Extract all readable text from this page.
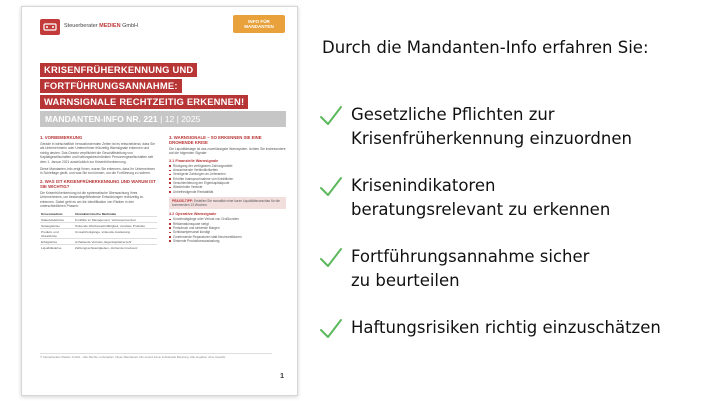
Steuerberater MEDIEN GmbH
INFO FÜR
MANDANTEN
KRISENFRÜHERKENNUNG UND
FORTFÜHRUNGSANNAHME:
WARNSIGNALE RECHTZEITIG ERKENNEN!
MANDANTEN-INFO NR. 221 | 12 | 2025
1. VORBEMERKUNG

Gerade in wirtschaftlich herausfordernden Zeiten ist es entscheidend, dass Sie als Unternehmerin oder Unternehmer frühzeitig Warnsignale erkennen und richtig deuten. Das Gesetz verpflichtet die Geschäftsleitung von Kapitalgesellschaften und haftungsbeschränkten Personengesellschaften seit dem 1. Januar 2021 ausdrücklich zur Krisenfrüherkennung.

Diese Mandanten-Info zeigt Ihnen, woran Sie erkennen, dass Ihr Unternehmen in Schieflage gerät, und was Sie tun können, um die Fortführung zu sichern.

2. WAS IST KRISENFRÜHERKENNUNG UND WARUM IST SIE WICHTIG?

Die Krisenfrüherkennung ist die systematische Überwachung Ihres Unternehmens, um bestandsgefährdende Entwicklungen rechtzeitig zu erkennen. Dabei geht es um die Identifikation von Risiken in den unterschiedlichen Phasen:

Krisenstadium	Charakteristische Merkmale
Stakeholderkrise	Konflikte im Management, Vertrauensverlust
Strategiekrise	Sinkende Wettbewerbsfähigkeit, veraltete Produkte
Produkt- und Absatzkrise	Umsatzrückgänge, sinkende Auslastung
Erfolgskrise	Anhaltende Verluste, Eigenkapitalverzehr
Liquiditätskrise	Zahlungsschwierigkeiten, drohende Insolvenz
3. WARNSIGNALE – SO ERKENNEN SIE EINE DROHENDE KRISE

Die Liquiditätslage ist das zuverlässigste Warnsystem. Achten Sie insbesondere auf die folgenden Signale:

3.1 Finanzielle Warnsignale
Rückgang der verfügbaren Zahlungsmittel
Anwachsende Verbindlichkeiten
Verzögerte Zahlungen an Lieferanten
Erhöhte Inanspruchnahme von Kreditlinien
Verschlechterung der Eigenkapitalquote
Wiederholte Verluste
Unbefriedigende Rentabilität
PRAXIS-TIPP: Erstellen Sie monatlich eine kurze Liquiditätsvorschau für die kommenden 13 Wochen.
3.2 Operative Warnsignale
Kundenabgänge oder Verlust von Großkunden
Reklamationsquote steigt
Preisdruck und sinkende Margen
Schlüsselpersonal kündigt
Zunehmende Reparaturen statt Neuinvestitionen
Sinkende Produktionsauslastung
© Steuerberater Medien GmbH – Alle Rechte vorbehalten. Diese Mandanten-Info ersetzt keine individuelle Beratung. Alle Angaben ohne Gewähr.
1
Durch die Mandanten-Info erfahren Sie:
Gesetzliche Pflichten zur
Krisenfrüherkennung einzuordnen
Krisenindikatoren
beratungsrelevant zu erkennen
Fortführungsannahme sicher
zu beurteilen
Haftungsrisiken richtig einzuschätzen
